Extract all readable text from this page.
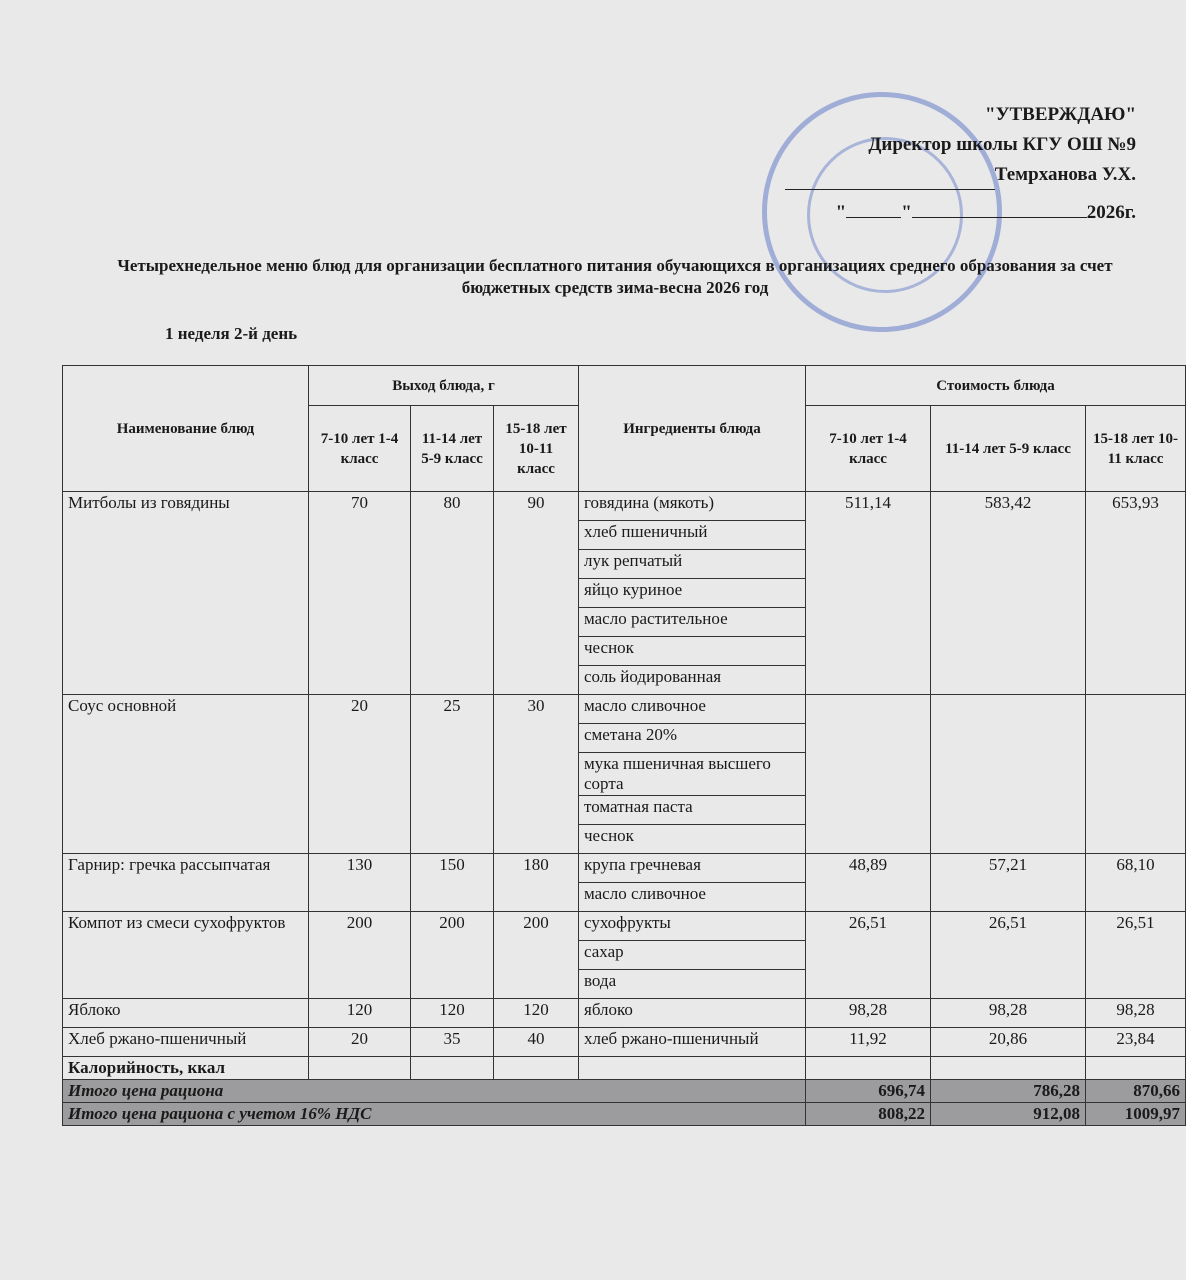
"УТВЕРЖДАЮ"
Директор школы КГУ ОШ №9
Темрханова У.Х.
"	"	2026г.
Четырехнедельное меню блюд для организации бесплатного питания обучающихся в организациях среднего образования за счет бюджетных средств зима-весна 2026 год
1 неделя 2-й день
Наименование блюд	Выход блюда, г			Ингредиенты блюда	Стоимость блюда		
	7-10 лет 1-4 класс	11-14 лет 5-9 класс	15-18 лет 10-11 класс		7-10 лет 1-4 класс	11-14 лет 5-9 класс	15-18 лет 10-11 класс
Митболы из говядины	70	80	90	говядина (мякоть)	511,14	583,42	653,93
				хлеб пшеничный			
				лук репчатый			
				яйцо куриное			
				масло растительное			
				чеснок			
				соль йодированная			
Соус основной	20	25	30	масло сливочное			
				сметана 20%			
				мука пшеничная высшего сорта			
				томатная паста			
				чеснок			
Гарнир: гречка рассыпчатая	130	150	180	крупа гречневая	48,89	57,21	68,10
				масло сливочное			
Компот из смеси сухофруктов	200	200	200	сухофрукты	26,51	26,51	26,51
				сахар			
				вода			
Яблоко	120	120	120	яблоко	98,28	98,28	98,28
Хлеб ржано-пшеничный	20	35	40	хлеб ржано-пшеничный	11,92	20,86	23,84
Калорийность, ккал							
Итого цена рациона					696,74	786,28	870,66
Итого цена рациона с учетом 16% НДС					808,22	912,08	1009,97
